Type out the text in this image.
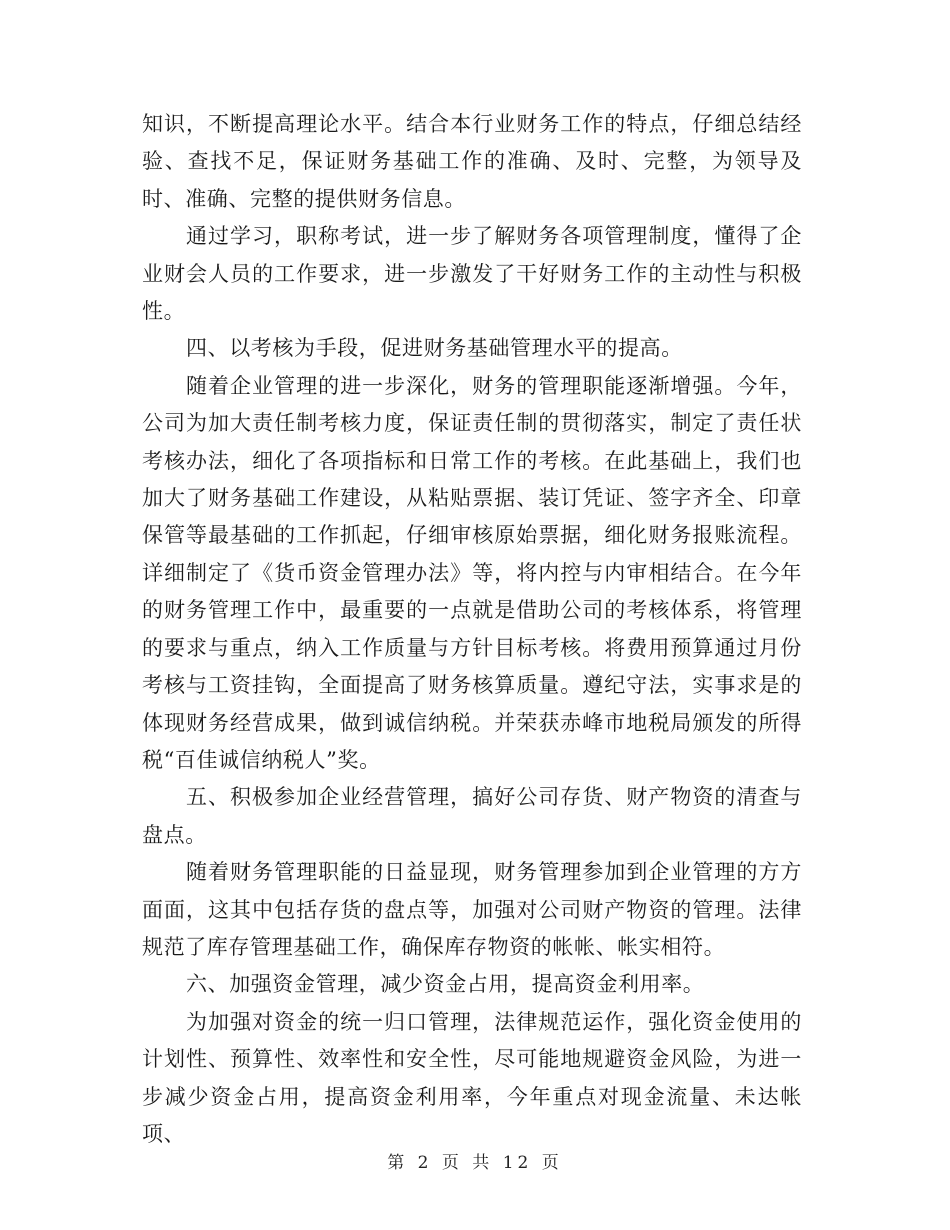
知识，不断提高理论水平。结合本行业财务工作的特点，仔细总结经验、查找不足，保证财务基础工作的准确、及时、完整，为领导及时、准确、完整的提供财务信息。

通过学习，职称考试，进一步了解财务各项管理制度，懂得了企业财会人员的工作要求，进一步激发了干好财务工作的主动性与积极性。

四、以考核为手段，促进财务基础管理水平的提高。

随着企业管理的进一步深化，财务的管理职能逐渐增强。今年，公司为加大责任制考核力度，保证责任制的贯彻落实，制定了责任状考核办法，细化了各项指标和日常工作的考核。在此基础上，我们也加大了财务基础工作建设，从粘贴票据、装订凭证、签字齐全、印章保管等最基础的工作抓起，仔细审核原始票据，细化财务报账流程。详细制定了《货币资金管理办法》等，将内控与内审相结合。在今年的财务管理工作中，最重要的一点就是借助公司的考核体系，将管理的要求与重点，纳入工作质量与方针目标考核。将费用预算通过月份考核与工资挂钩，全面提高了财务核算质量。遵纪守法，实事求是的体现财务经营成果，做到诚信纳税。并荣获赤峰市地税局颁发的所得税“百佳诚信纳税人”奖。

五、积极参加企业经营管理，搞好公司存货、财产物资的清查与盘点。

随着财务管理职能的日益显现，财务管理参加到企业管理的方方面面，这其中包括存货的盘点等，加强对公司财产物资的管理。法律规范了库存管理基础工作，确保库存物资的帐帐、帐实相符。

六、加强资金管理，减少资金占用，提高资金利用率。

为加强对资金的统一归口管理，法律规范运作，强化资金使用的计划性、预算性、效率性和安全性，尽可能地规避资金风险，为进一步减少资金占用，提高资金利用率，今年重点对现金流量、未达帐项、

第 2 页 共 12 页
